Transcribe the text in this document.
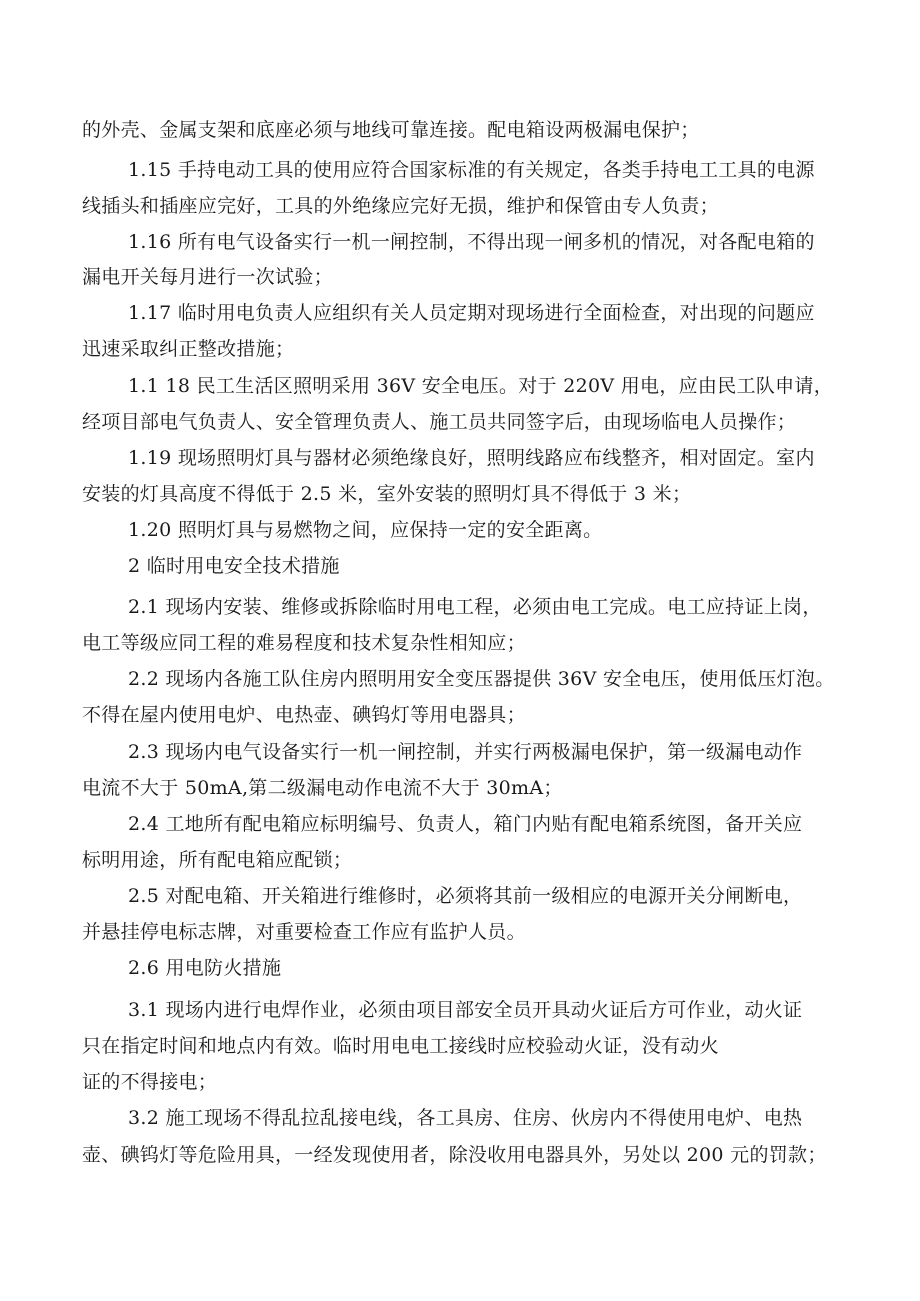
的外壳、金属支架和底座必须与地线可靠连接。配电箱设两极漏电保护；
1.15 手持电动工具的使用应符合国家标准的有关规定，各类手持电工工具的电源
线插头和插座应完好，工具的外绝缘应完好无损，维护和保管由专人负责；
1.16 所有电气设备实行一机一闸控制，不得出现一闸多机的情况，对各配电箱的
漏电开关每月进行一次试验；
1.17 临时用电负责人应组织有关人员定期对现场进行全面检查，对出现的问题应
迅速采取纠正整改措施；
1.1 18 民工生活区照明采用 36V 安全电压。对于 220V 用电，应由民工队申请，
经项目部电气负责人、安全管理负责人、施工员共同签字后，由现场临电人员操作；
1.19 现场照明灯具与器材必须绝缘良好，照明线路应布线整齐，相对固定。室内
安装的灯具高度不得低于 2.5 米，室外安装的照明灯具不得低于 3 米；
1.20 照明灯具与易燃物之间，应保持一定的安全距离。
2 临时用电安全技术措施
2.1 现场内安装、维修或拆除临时用电工程，必须由电工完成。电工应持证上岗，
电工等级应同工程的难易程度和技术复杂性相知应；
2.2 现场内各施工队住房内照明用安全变压器提供 36V 安全电压，使用低压灯泡。
不得在屋内使用电炉、电热壶、碘钨灯等用电器具；
2.3 现场内电气设备实行一机一闸控制，并实行两极漏电保护，第一级漏电动作
电流不大于 50mA,第二级漏电动作电流不大于 30mA；
2.4 工地所有配电箱应标明编号、负责人，箱门内贴有配电箱系统图，备开关应
标明用途，所有配电箱应配锁；
2.5 对配电箱、开关箱进行维修时，必须将其前一级相应的电源开关分闸断电，
并悬挂停电标志牌，对重要检查工作应有监护人员。
2.6 用电防火措施
3.1 现场内进行电焊作业，必须由项目部安全员开具动火证后方可作业，动火证
只在指定时间和地点内有效。临时用电电工接线时应校验动火证，没有动火
证的不得接电；
3.2 施工现场不得乱拉乱接电线，各工具房、住房、伙房内不得使用电炉、电热
壶、碘钨灯等危险用具，一经发现使用者，除没收用电器具外，另处以 200 元的罚款；
